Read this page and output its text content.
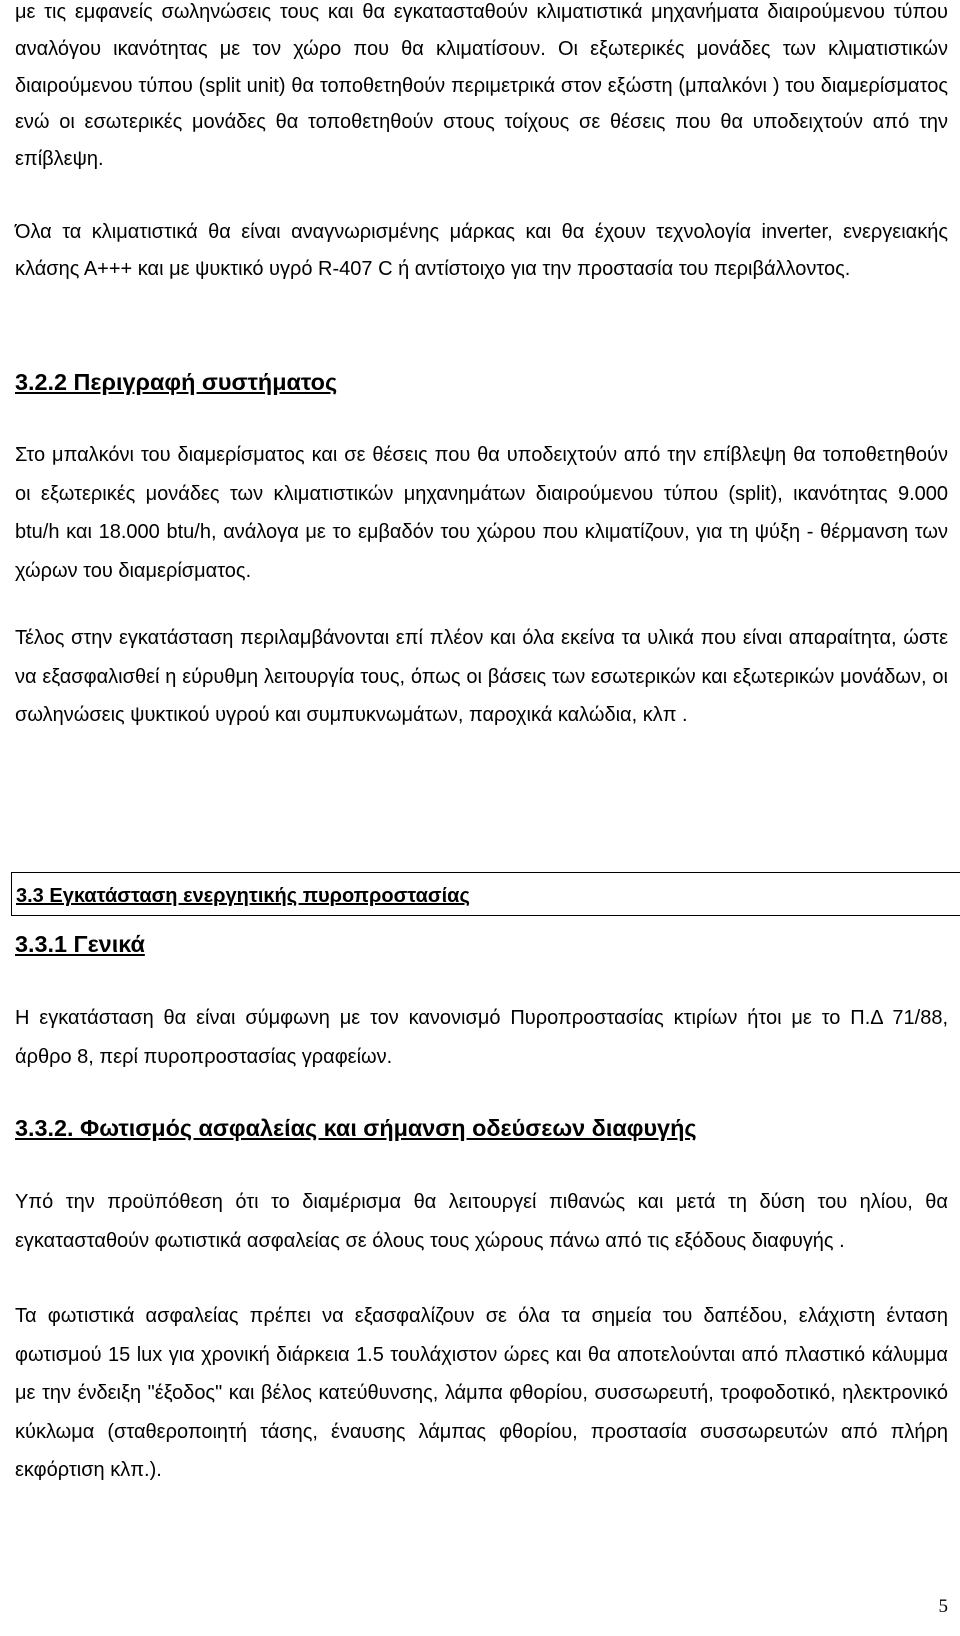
με τις εμφανείς σωληνώσεις τους και θα εγκατασταθούν κλιματιστικά μηχανήματα διαιρούμενου τύπου αναλόγου ικανότητας με τον χώρο που θα κλιματίσουν. Οι εξωτερικές μονάδες των κλιματιστικών διαιρούμενου τύπου (split unit) θα τοποθετηθούν περιμετρικά στον εξώστη (μπαλκόνι ) του διαμερίσματος ενώ οι εσωτερικές μονάδες θα τοποθετηθούν στους τοίχους σε θέσεις που θα υποδειχτούν από την επίβλεψη.

Όλα τα κλιματιστικά θα είναι αναγνωρισμένης μάρκας και θα έχουν τεχνολογία inverter, ενεργειακής κλάσης Α+++ και με ψυκτικό υγρό R-407 C ή αντίστοιχο για την προστασία του περιβάλλοντος.

3.2.2 Περιγραφή συστήματος

Στο μπαλκόνι του διαμερίσματος και σε θέσεις που θα υποδειχτούν από την επίβλεψη θα τοποθετηθούν οι εξωτερικές μονάδες των κλιματιστικών μηχανημάτων διαιρούμενου τύπου (split), ικανότητας 9.000 btu/h και 18.000 btu/h, ανάλογα με το εμβαδόν του χώρου που κλιματίζουν, για τη ψύξη - θέρμανση των χώρων του διαμερίσματος.

Τέλος στην εγκατάσταση περιλαμβάνονται επί πλέον και όλα εκείνα τα υλικά που είναι απαραίτητα, ώστε να εξασφαλισθεί η εύρυθμη λειτουργία τους, όπως οι βάσεις των εσωτερικών και εξωτερικών μονάδων, οι σωληνώσεις ψυκτικού υγρού και συμπυκνωμάτων, παροχικά καλώδια, κλπ .

3.3 Εγκατάσταση ενεργητικής πυροπροστασίας
3.3.1 Γενικά

Η εγκατάσταση θα είναι σύμφωνη με τον κανονισμό Πυροπροστασίας κτιρίων ήτοι με το Π.Δ 71/88, άρθρο 8, περί πυροπροστασίας γραφείων.

3.3.2. Φωτισμός ασφαλείας και σήμανση οδεύσεων διαφυγής

Υπό την προϋπόθεση ότι το διαμέρισμα θα λειτουργεί πιθανώς και μετά τη δύση του ηλίου, θα εγκατασταθούν φωτιστικά ασφαλείας σε όλους τους χώρους πάνω από τις εξόδους διαφυγής .

Τα φωτιστικά ασφαλείας πρέπει να εξασφαλίζουν σε όλα τα σημεία του δαπέδου, ελάχιστη ένταση φωτισμού 15 lux για χρονική διάρκεια 1.5 τουλάχιστον ώρες και θα αποτελούνται από πλαστικό κάλυμμα με την ένδειξη "έξοδος" και βέλος κατεύθυνσης, λάμπα φθορίου, συσσωρευτή, τροφοδοτικό, ηλεκτρονικό κύκλωμα (σταθεροποιητή τάσης, έναυσης λάμπας φθορίου, προστασία συσσωρευτών από πλήρη εκφόρτιση κλπ.).

5
